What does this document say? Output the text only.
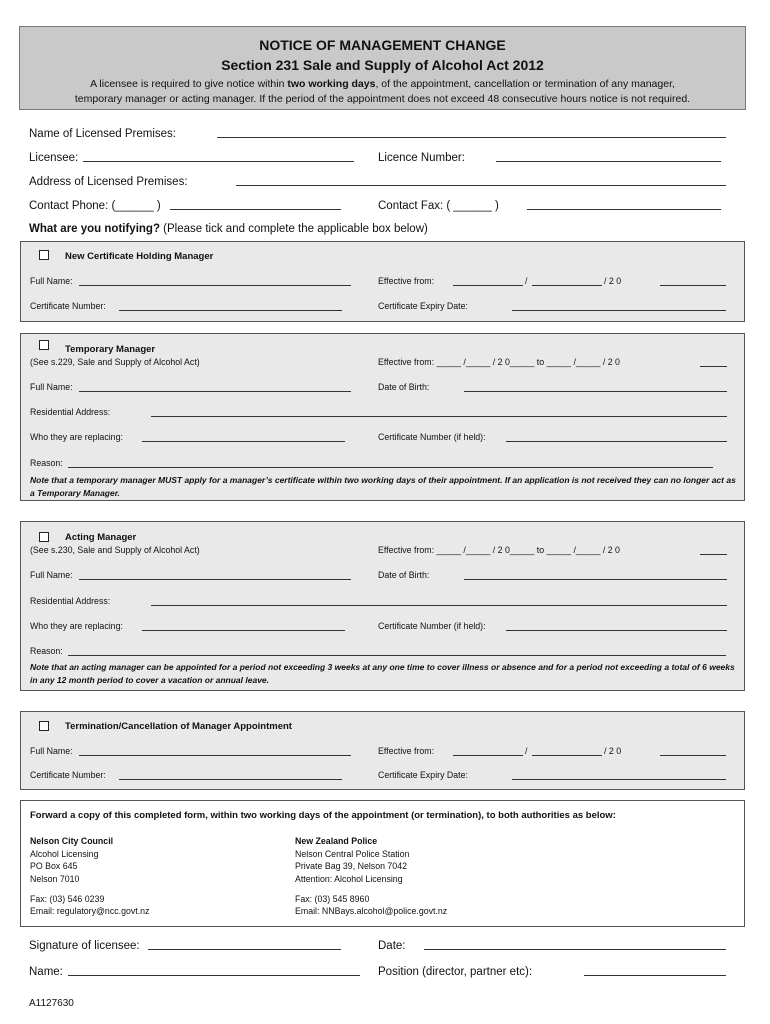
NOTICE OF MANAGEMENT CHANGE
Section 231 Sale and Supply of Alcohol Act 2012
A licensee is required to give notice within two working days, of the appointment, cancellation or termination of any manager,
temporary manager or acting manager. If the period of the appointment does not exceed 48 consecutive hours notice is not required.
Name of Licensed Premises:
Licensee:	Licence Number:
Address of Licensed Premises:
Contact Phone: (______ )	Contact Fax: ( ______ )
What are you notifying? (Please tick and complete the applicable box below)
New Certificate Holding Manager
Full Name:	Effective from:	/	/ 2 0
Certificate Number:	Certificate Expiry Date:
Temporary Manager
(See s.229, Sale and Supply of Alcohol Act)	Effective from: _____ /_____ / 2 0_____ to _____ /_____ / 2 0
Full Name:	Date of Birth:
Residential Address:
Who they are replacing:	Certificate Number (if held):
Reason:
Note that a temporary manager MUST apply for a manager’s certificate within two working days of their appointment. If an application is not received they can no longer act as a Temporary Manager.
Acting Manager
(See s.230, Sale and Supply of Alcohol Act)	Effective from: _____ /_____ / 2 0_____ to _____ /_____ / 2 0
Full Name:	Date of Birth:
Residential Address:
Who they are replacing:	Certificate Number (if held):
Reason:
Note that an acting manager can be appointed for a period not exceeding 3 weeks at any one time to cover illness or absence and for a period not exceeding a total of 6 weeks in any 12 month period to cover a vacation or annual leave.
Termination/Cancellation of Manager Appointment
Full Name:	Effective from:	/	/ 2 0
Certificate Number:	Certificate Expiry Date:
Forward a copy of this completed form, within two working days of the appointment (or termination), to both authorities as below:
Nelson City Council
Alcohol Licensing
PO Box 645
Nelson 7010
Fax: (03) 546 0239
Email: regulatory@ncc.govt.nz
New Zealand Police
Nelson Central Police Station
Private Bag 39, Nelson 7042
Attention: Alcohol Licensing
Fax: (03) 545 8960
Email: NNBays.alcohol@police.govt.nz
Signature of licensee:	Date:
Name:	Position (director, partner etc):
A1127630
